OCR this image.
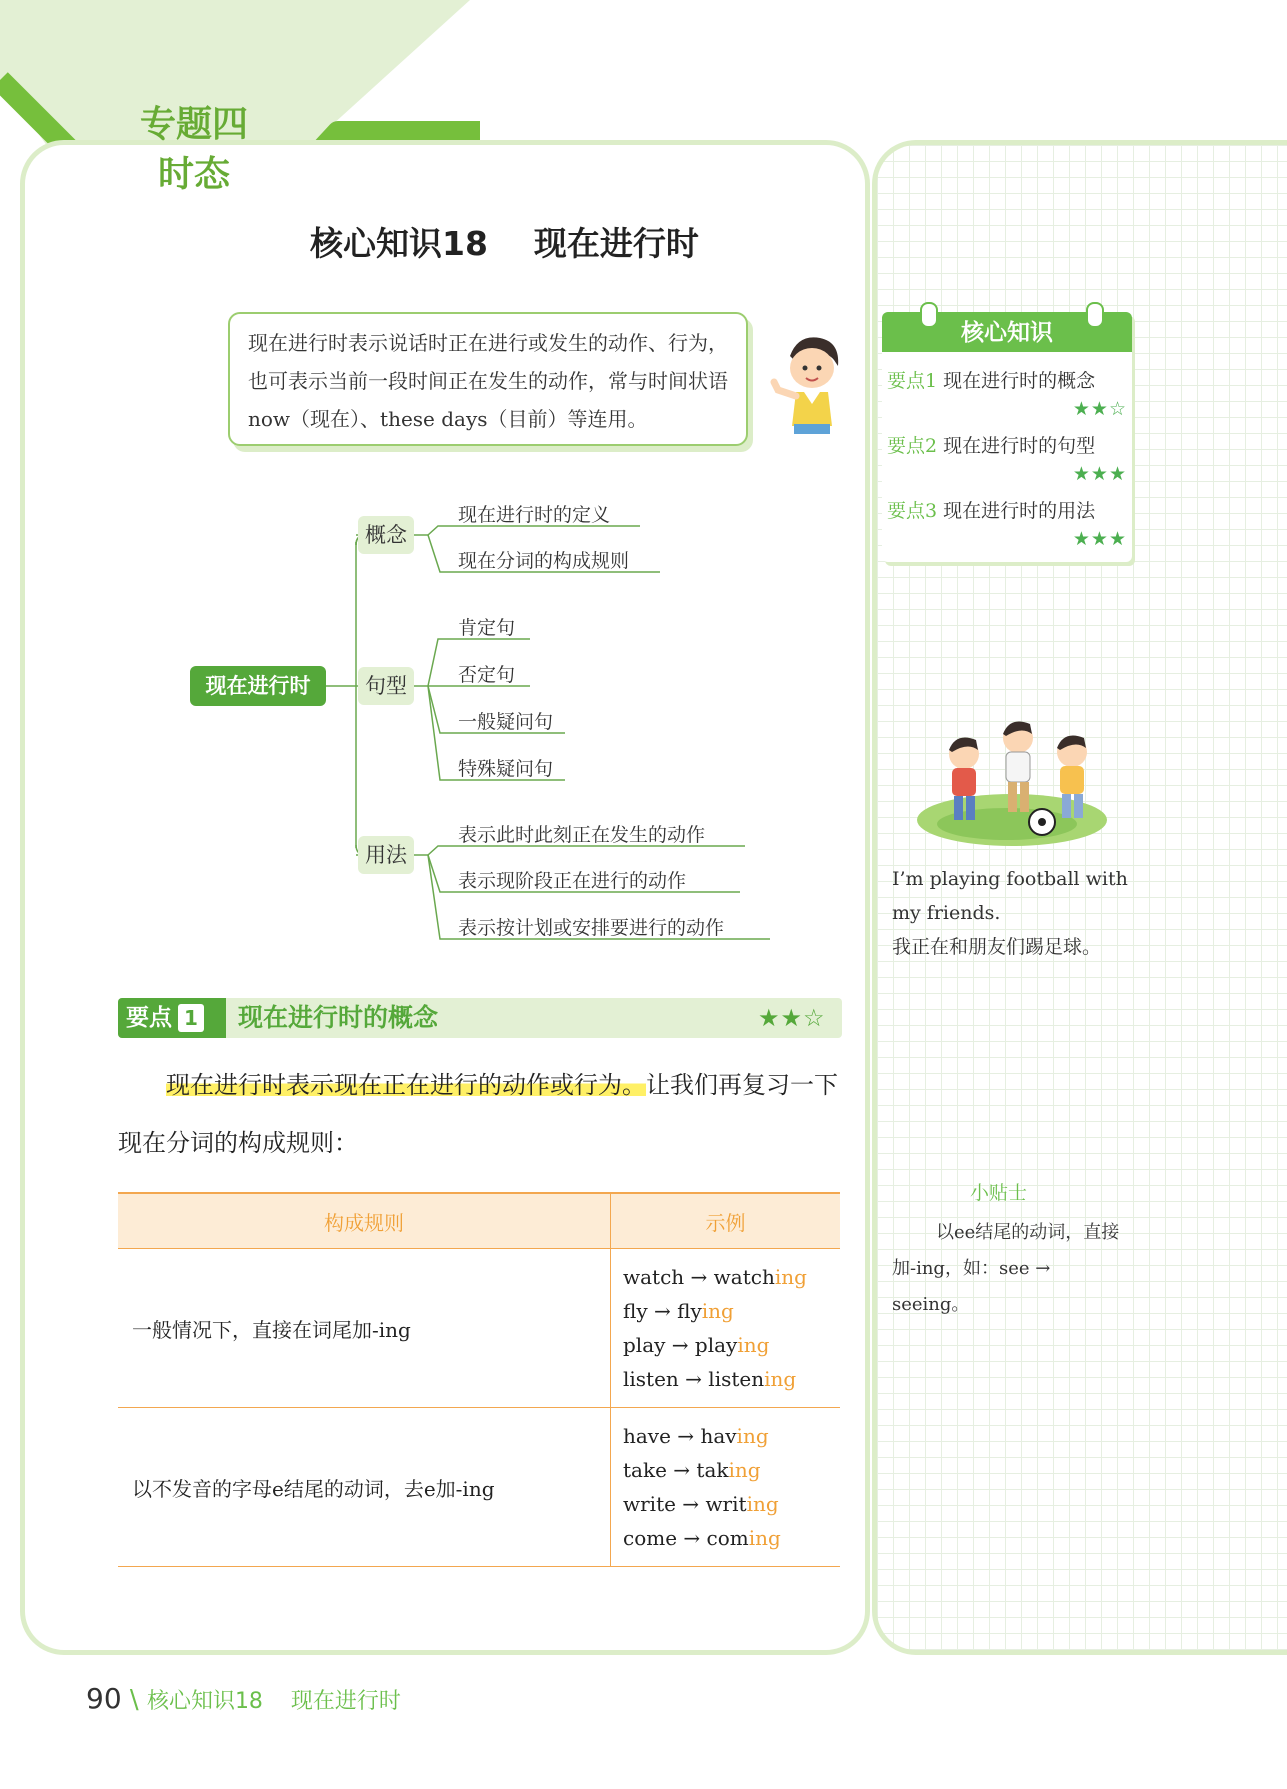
专题四
时态
核心知识18    现在进行时
现在进行时表示说话时正在进行或发生的动作、行为，也可表示当前一段时间正在发生的动作，常与时间状语now（现在）、these days（目前）等连用。
现在进行时
概念
句型
用法
现在进行时的定义
现在分词的构成规则
肯定句
否定句
一般疑问句
特殊疑问句
表示此时此刻正在发生的动作
表示现阶段正在进行的动作
表示按计划或安排要进行的动作
核心知识
要点1 现在进行时的概念
★★☆
要点2 现在进行时的句型
★★★
要点3 现在进行时的用法
★★★
I’m playing football with my friends.
我正在和朋友们踢足球。
小贴士
以ee结尾的动词，直接加-ing，如：see → seeing。
要点 1	现在进行时的概念	★★☆
现在进行时表示现在正在进行的动作或行为。让我们再复习一下现在分词的构成规则：
构成规则	示例
一般情况下，直接在词尾加-ing	watch → watching
fly → flying
play → playing
listen → listening

以不发音的字母e结尾的动词，去e加-ing	have → having
take → taking
write → writing
come → coming
90 \ 核心知识18    现在进行时
